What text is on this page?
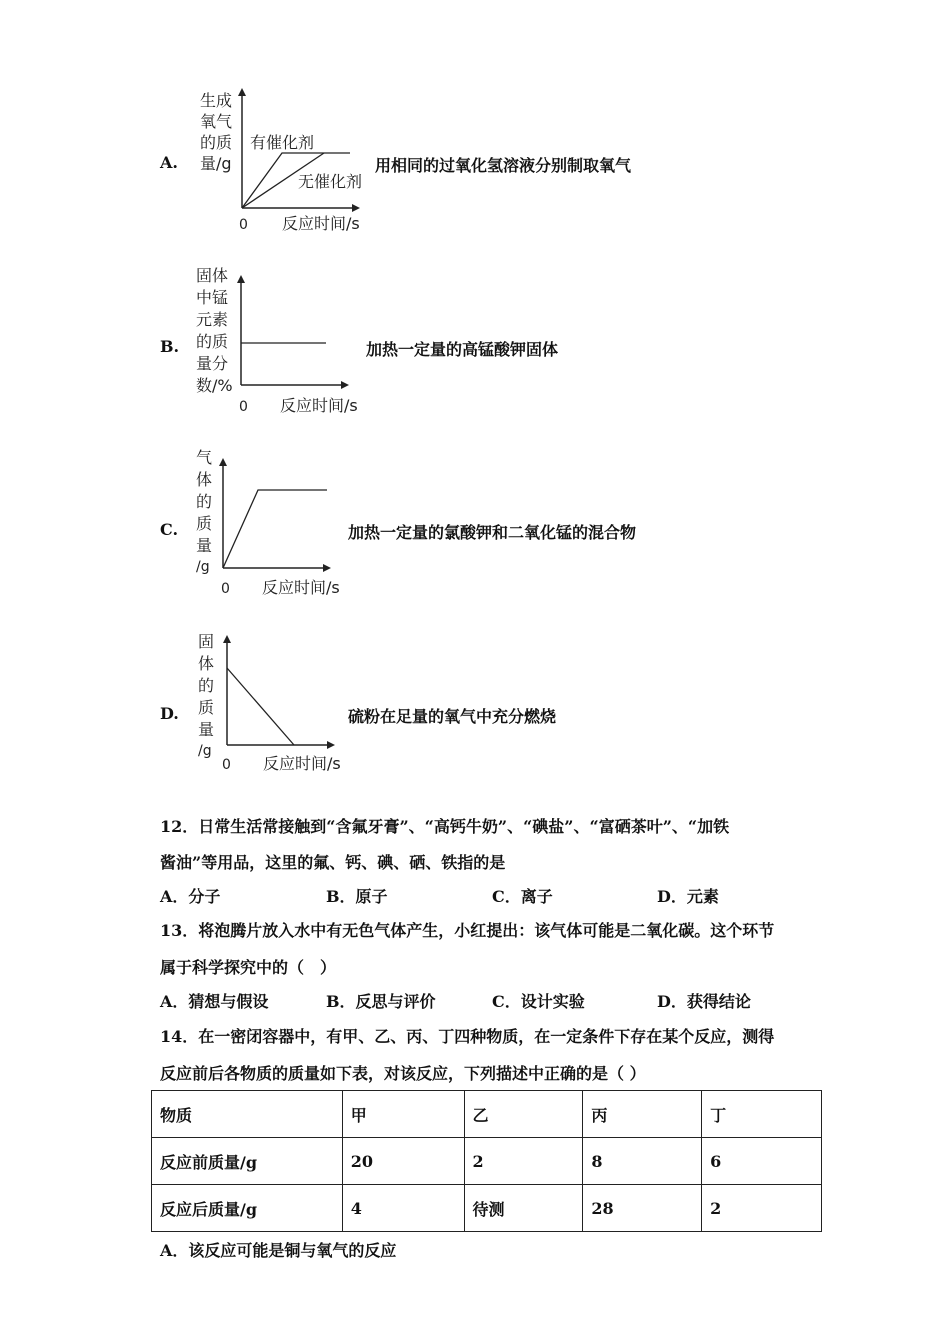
A.
生成
氧气
的质
量/g
有催化剂
无催化剂
0 反应时间/s
用相同的过氧化氢溶液分别制取氧气
B.
固体
中锰
元素
的质
量分
数/%
0 反应时间/s
加热一定量的高锰酸钾固体
C.
气
体
的
质
量
/g
0 反应时间/s
加热一定量的氯酸钾和二氧化锰的混合物
D.
固
体
的
质
量
/g
0 反应时间/s
硫粉在足量的氧气中充分燃烧
12．日常生活常接触到“含氟牙膏”、“高钙牛奶”、“碘盐”、“富硒茶叶”、“加铁
酱油”等用品，这里的氟、钙、碘、硒、铁指的是
A．分子	B．原子	C．离子	D．元素
13．将泡腾片放入水中有无色气体产生，小红提出：该气体可能是二氧化碳。这个环节
属于科学探究中的（　）
A．猜想与假设	B．反思与评价	C．设计实验	D．获得结论
14．在一密闭容器中，有甲、乙、丙、丁四种物质，在一定条件下存在某个反应，测得
反应前后各物质的质量如下表，对该反应，下列描述中正确的是（ ）
物质	甲	乙	丙	丁
反应前质量/g	20	2	8	6
反应后质量/g	4	待测	28	2
A．该反应可能是铜与氧气的反应
